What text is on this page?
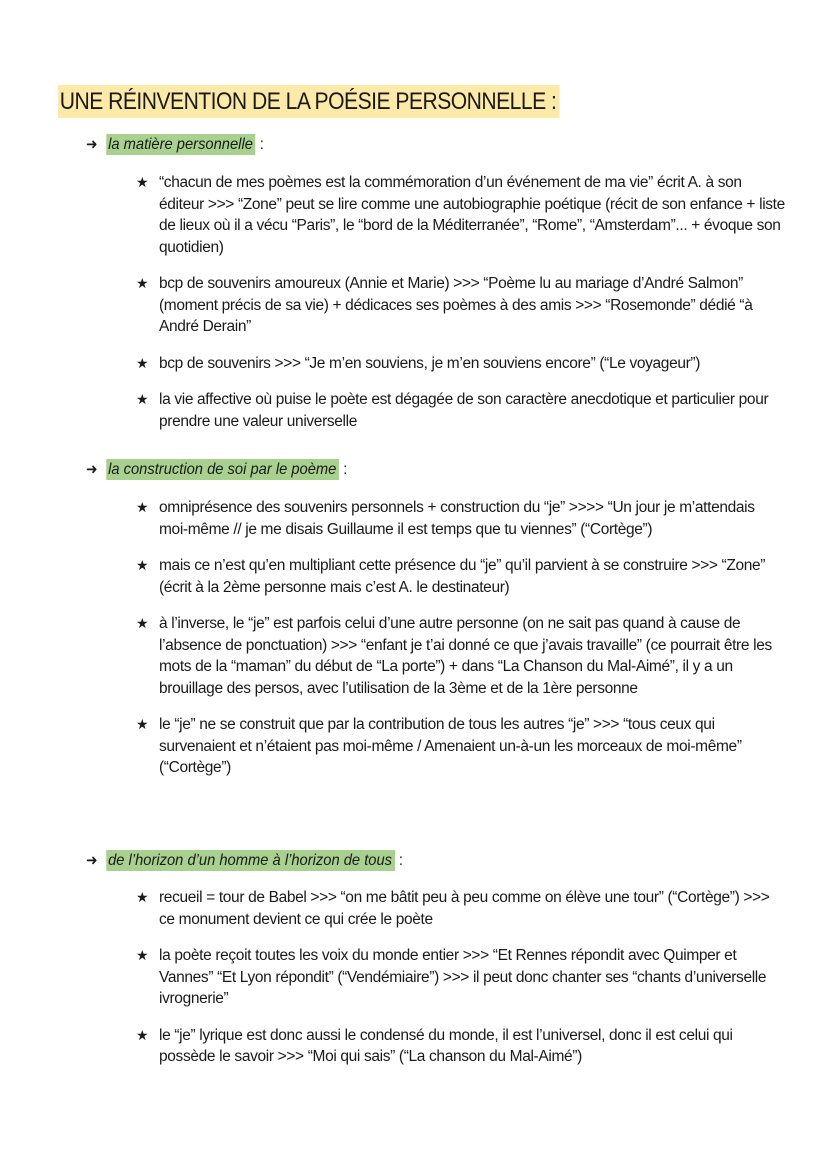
UNE RÉINVENTION DE LA POÉSIE PERSONNELLE :
➜ la matière personnelle :
★ “chacun de mes poèmes est la commémoration d’un événement de ma vie” écrit A. à son éditeur >>> “Zone” peut se lire comme une autobiographie poétique (récit de son enfance + liste de lieux où il a vécu “Paris”, le “bord de la Méditerranée”, “Rome”, “Amsterdam”... + évoque son quotidien)
★ bcp de souvenirs amoureux (Annie et Marie) >>> “Poème lu au mariage d’André Salmon” (moment précis de sa vie) + dédicaces ses poèmes à des amis >>> “Rosemonde” dédié “à André Derain”
★ bcp de souvenirs >>> “Je m’en souviens, je m’en souviens encore” (“Le voyageur”)
★ la vie affective où puise le poète est dégagée de son caractère anecdotique et particulier pour prendre une valeur universelle
➜ la construction de soi par le poème :
★ omniprésence des souvenirs personnels + construction du “je” >>>> “Un jour je m’attendais moi-même // je me disais Guillaume il est temps que tu viennes” (“Cortège”)
★ mais ce n’est qu’en multipliant cette présence du “je” qu’il parvient à se construire >>> “Zone” (écrit à la 2ème personne mais c’est A. le destinateur)
★ à l’inverse, le “je” est parfois celui d’une autre personne (on ne sait pas quand à cause de l’absence de ponctuation) >>> “enfant je t’ai donné ce que j’avais travaille” (ce pourrait être les mots de la “maman” du début de “La porte”) + dans “La Chanson du Mal-Aimé”, il y a un brouillage des persos, avec l’utilisation de la 3ème et de la 1ère personne
★ le “je” ne se construit que par la contribution de tous les autres “je” >>> “tous ceux qui survenaient et n’étaient pas moi-même / Amenaient un-à-un les morceaux de moi-même” (“Cortège”)
➜ de l’horizon d’un homme à l’horizon de tous :
★ recueil = tour de Babel >>> “on me bâtit peu à peu comme on élève une tour” (“Cortège”) >>> ce monument devient ce qui crée le poète
★ la poète reçoit toutes les voix du monde entier >>> “Et Rennes répondit avec Quimper et Vannes” “Et Lyon répondit” (“Vendémiaire”) >>> il peut donc chanter ses “chants d’universelle ivrognerie”
★ le “je” lyrique est donc aussi le condensé du monde, il est l’universel, donc il est celui qui possède le savoir >>> “Moi qui sais” (“La chanson du Mal-Aimé”)
